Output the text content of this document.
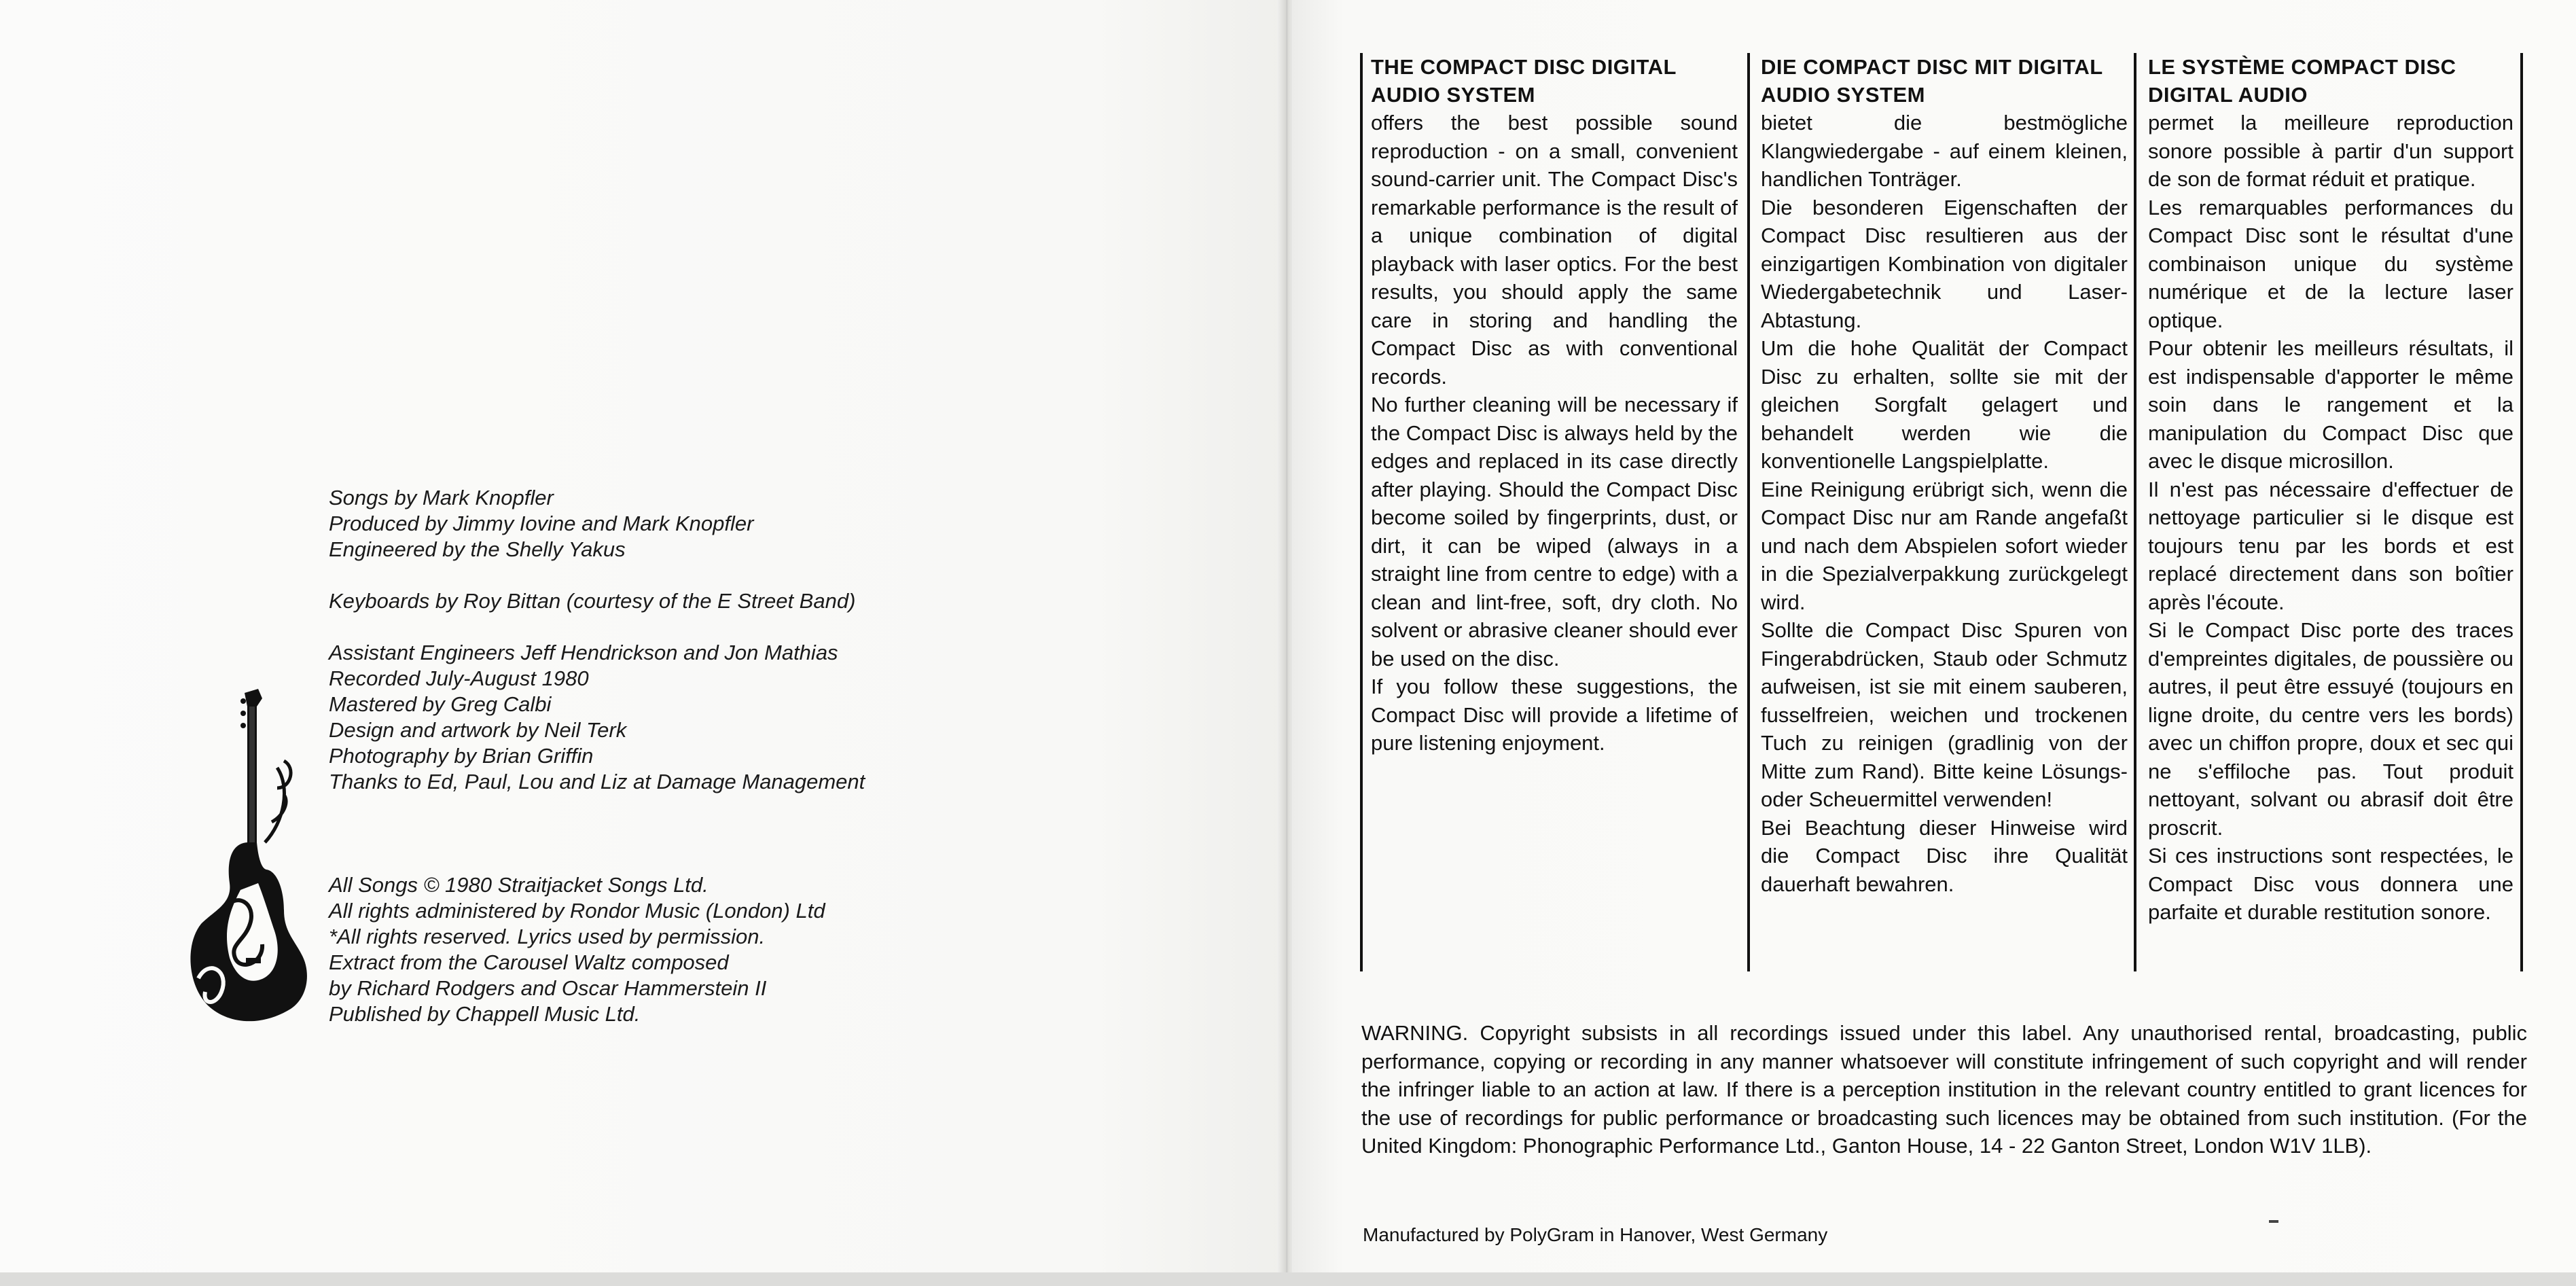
Songs by Mark Knopfler
Produced by Jimmy Iovine and Mark Knopfler
Engineered by the Shelly Yakus
Keyboards by Roy Bittan (courtesy of the E Street Band)
Assistant Engineers Jeff Hendrickson and Jon Mathias
Recorded July-August 1980
Mastered by Greg Calbi
Design and artwork by Neil Terk
Photography by Brian Griffin
Thanks to Ed, Paul, Lou and Liz at Damage Management
All Songs © 1980 Straitjacket Songs Ltd.
All rights administered by Rondor Music (London) Ltd
*All rights reserved. Lyrics used by permission.
Extract from the Carousel Waltz composed
by Richard Rodgers and Oscar Hammerstein II
Published by Chappell Music Ltd.
THE COMPACT DISC DIGITAL AUDIO SYSTEM

offers the best possible sound reproduction - on a small, convenient sound-carrier unit. The Compact Disc's remarkable performance is the result of a unique combination of digital playback with laser optics. For the best results, you should apply the same care in storing and handling the Compact Disc as with conventional records.

No further cleaning will be necessary if the Compact Disc is always held by the edges and replaced in its case directly after playing. Should the Compact Disc become soiled by fingerprints, dust, or dirt, it can be wiped (always in a straight line from centre to edge) with a clean and lint-free, soft, dry cloth. No solvent or abrasive cleaner should ever be used on the disc.

If you follow these suggestions, the Compact Disc will provide a lifetime of pure listening enjoyment.

DIE COMPACT DISC MIT DIGITAL AUDIO SYSTEM

bietet die bestmögliche Klangwiedergabe - auf einem kleinen, handlichen Tonträger.

Die besonderen Eigenschaften der Compact Disc resultieren aus der einzigartigen Kombination von digitaler Wiedergabetechnik und Laser-Abtastung.

Um die hohe Qualität der Compact Disc zu erhalten, sollte sie mit der gleichen Sorgfalt gelagert und behandelt werden wie die konventionelle Langspielplatte.

Eine Reinigung erübrigt sich, wenn die Compact Disc nur am Rande angefaßt und nach dem Abspielen sofort wieder in die Spezialverpakkung zurückgelegt wird.

Sollte die Compact Disc Spuren von Fingerabdrücken, Staub oder Schmutz aufweisen, ist sie mit einem sauberen, fusselfreien, weichen und trockenen Tuch zu reinigen (gradlinig von der Mitte zum Rand). Bitte keine Lösungs- oder Scheuermittel verwenden!

Bei Beachtung dieser Hinweise wird die Compact Disc ihre Qualität dauerhaft bewahren.

LE SYSTÈME COMPACT DISC DIGITAL AUDIO

permet la meilleure reproduction sonore possible à partir d'un support de son de format réduit et pratique.

Les remarquables performances du Compact Disc sont le résultat d'une combinaison unique du système numérique et de la lecture laser optique.

Pour obtenir les meilleurs résultats, il est indispensable d'apporter le même soin dans le rangement et la manipulation du Compact Disc que avec le disque microsillon.

Il n'est pas nécessaire d'effectuer de nettoyage particulier si le disque est toujours tenu par les bords et est replacé directement dans son boîtier après l'écoute.

Si le Compact Disc porte des traces d'empreintes digitales, de poussière ou autres, il peut être essuyé (toujours en ligne droite, du centre vers les bords) avec un chiffon propre, doux et sec qui ne s'effiloche pas. Tout produit nettoyant, solvant ou abrasif doit être proscrit.

Si ces instructions sont respectées, le Compact Disc vous donnera une parfaite et durable restitution sonore.

WARNING. Copyright subsists in all recordings issued under this label. Any unauthorised rental, broadcasting, public performance, copying or recording in any manner whatsoever will constitute infringement of such copyright and will render the infringer liable to an action at law. If there is a perception institution in the relevant country entitled to grant licences for the use of recordings for public performance or broadcasting such licences may be obtained from such institution. (For the United Kingdom: Phonographic Performance Ltd., Ganton House, 14 - 22 Ganton Street, London W1V 1LB).
Manufactured by PolyGram in Hanover, West Germany
